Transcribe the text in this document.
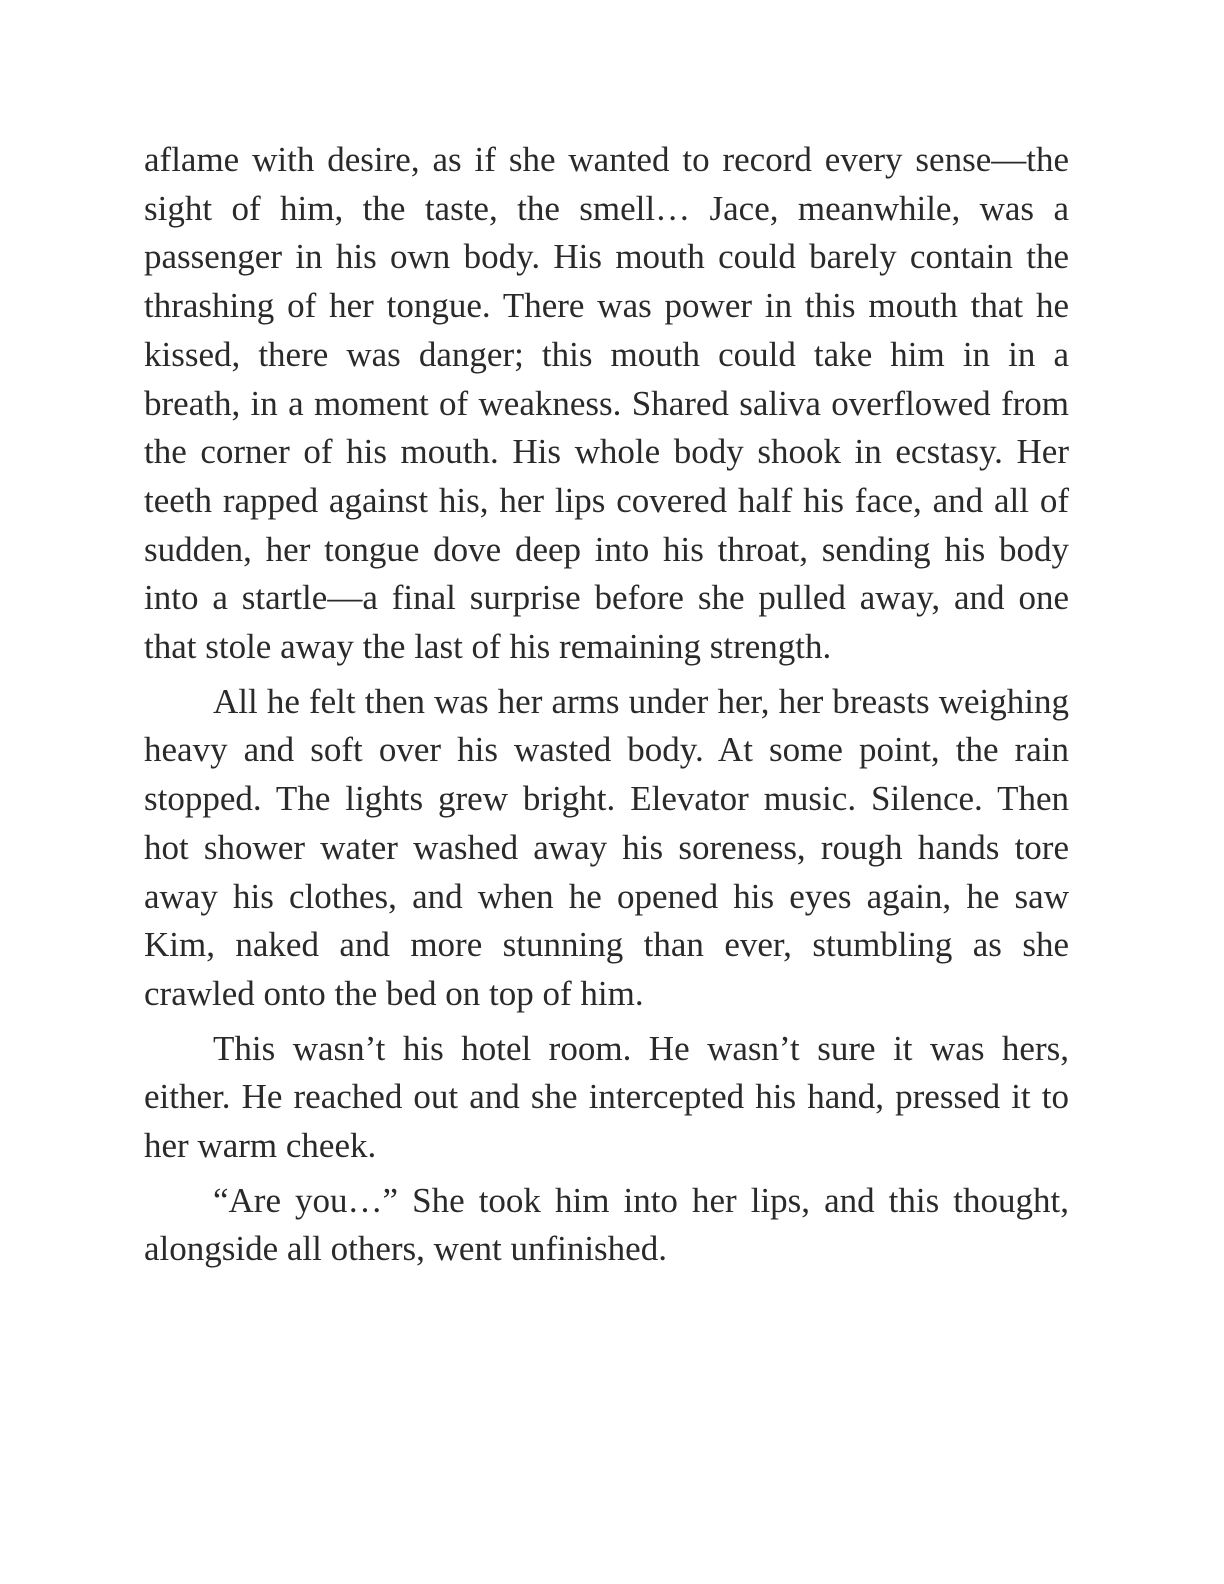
aflame with desire, as if she wanted to record every sense—the sight of him, the taste, the smell… Jace, meanwhile, was a passenger in his own body. His mouth could barely contain the thrashing of her tongue. There was power in this mouth that he kissed, there was danger; this mouth could take him in in a breath, in a moment of weakness. Shared saliva overflowed from the corner of his mouth. His whole body shook in ecstasy. Her teeth rapped against his, her lips covered half his face, and all of sudden, her tongue dove deep into his throat, sending his body into a startle—a final surprise before she pulled away, and one that stole away the last of his remaining strength.

All he felt then was her arms under her, her breasts weighing heavy and soft over his wasted body. At some point, the rain stopped. The lights grew bright. Elevator music. Silence. Then hot shower water washed away his soreness, rough hands tore away his clothes, and when he opened his eyes again, he saw Kim, naked and more stunning than ever, stumbling as she crawled onto the bed on top of him.

This wasn’t his hotel room. He wasn’t sure it was hers, either. He reached out and she intercepted his hand, pressed it to her warm cheek.

“Are you…” She took him into her lips, and this thought, alongside all others, went unfinished.
